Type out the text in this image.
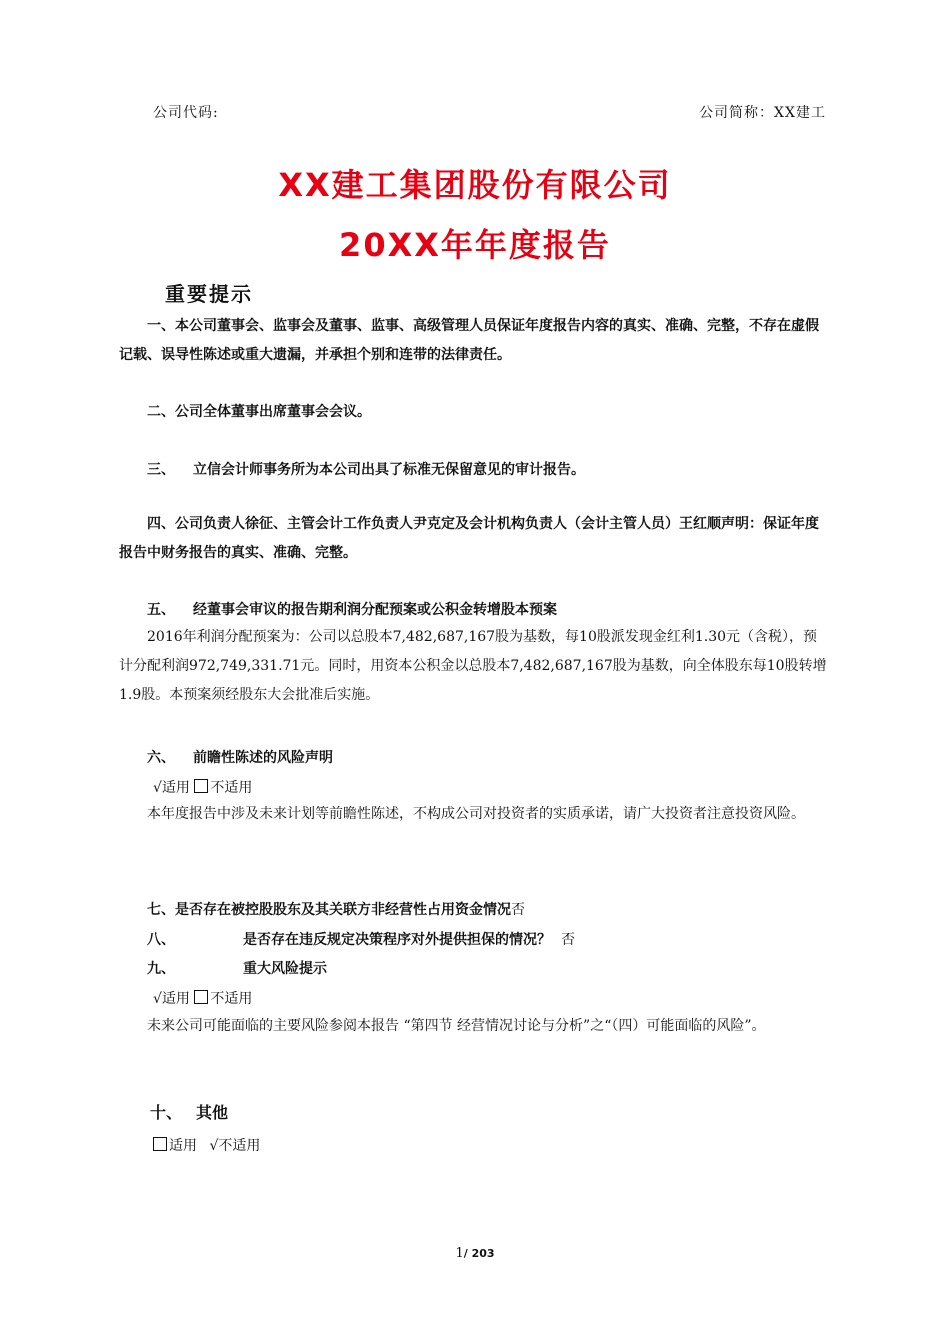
公司代码:	公司简称：XX建工

XX建工集团股份有限公司
20XX年年度报告
重要提示

一、本公司董事会、监事会及董事、监事、高级管理人员保证年度报告内容的真实、准确、完整，不存在虚假记载、误导性陈述或重大遗漏，并承担个别和连带的法律责任。

二、公司全体董事出席董事会会议。

三、 立信会计师事务所为本公司出具了标准无保留意见的审计报告。

四、公司负责人徐征、主管会计工作负责人尹克定及会计机构负责人（会计主管人员）王红顺声明：保证年度报告中财务报告的真实、准确、完整。

五、 经董事会审议的报告期利润分配预案或公积金转增股本预案

2016年利润分配预案为：公司以总股本7,482,687,167股为基数，每10股派发现金红利1.30元（含税），预计分配利润972,749,331.71元。同时，用资本公积金以总股本7,482,687,167股为基数，向全体股东每10股转增1.9股。本预案须经股东大会批准后实施。

六、 前瞻性陈述的风险声明

√适用 不适用

本年度报告中涉及未来计划等前瞻性陈述，不构成公司对投资者的实质承诺，请广大投资者注意投资风险。

七、是否存在被控股股东及其关联方非经营性占用资金情况否

八、	是否存在违反规定决策程序对外提供担保的情况？ 否

九、	重大风险提示

√适用 不适用

未来公司可能面临的主要风险参阅本报告 “第四节 经营情况讨论与分析”之“（四）可能面临的风险”。

十、 其他

适用 √不适用

1/ 203
